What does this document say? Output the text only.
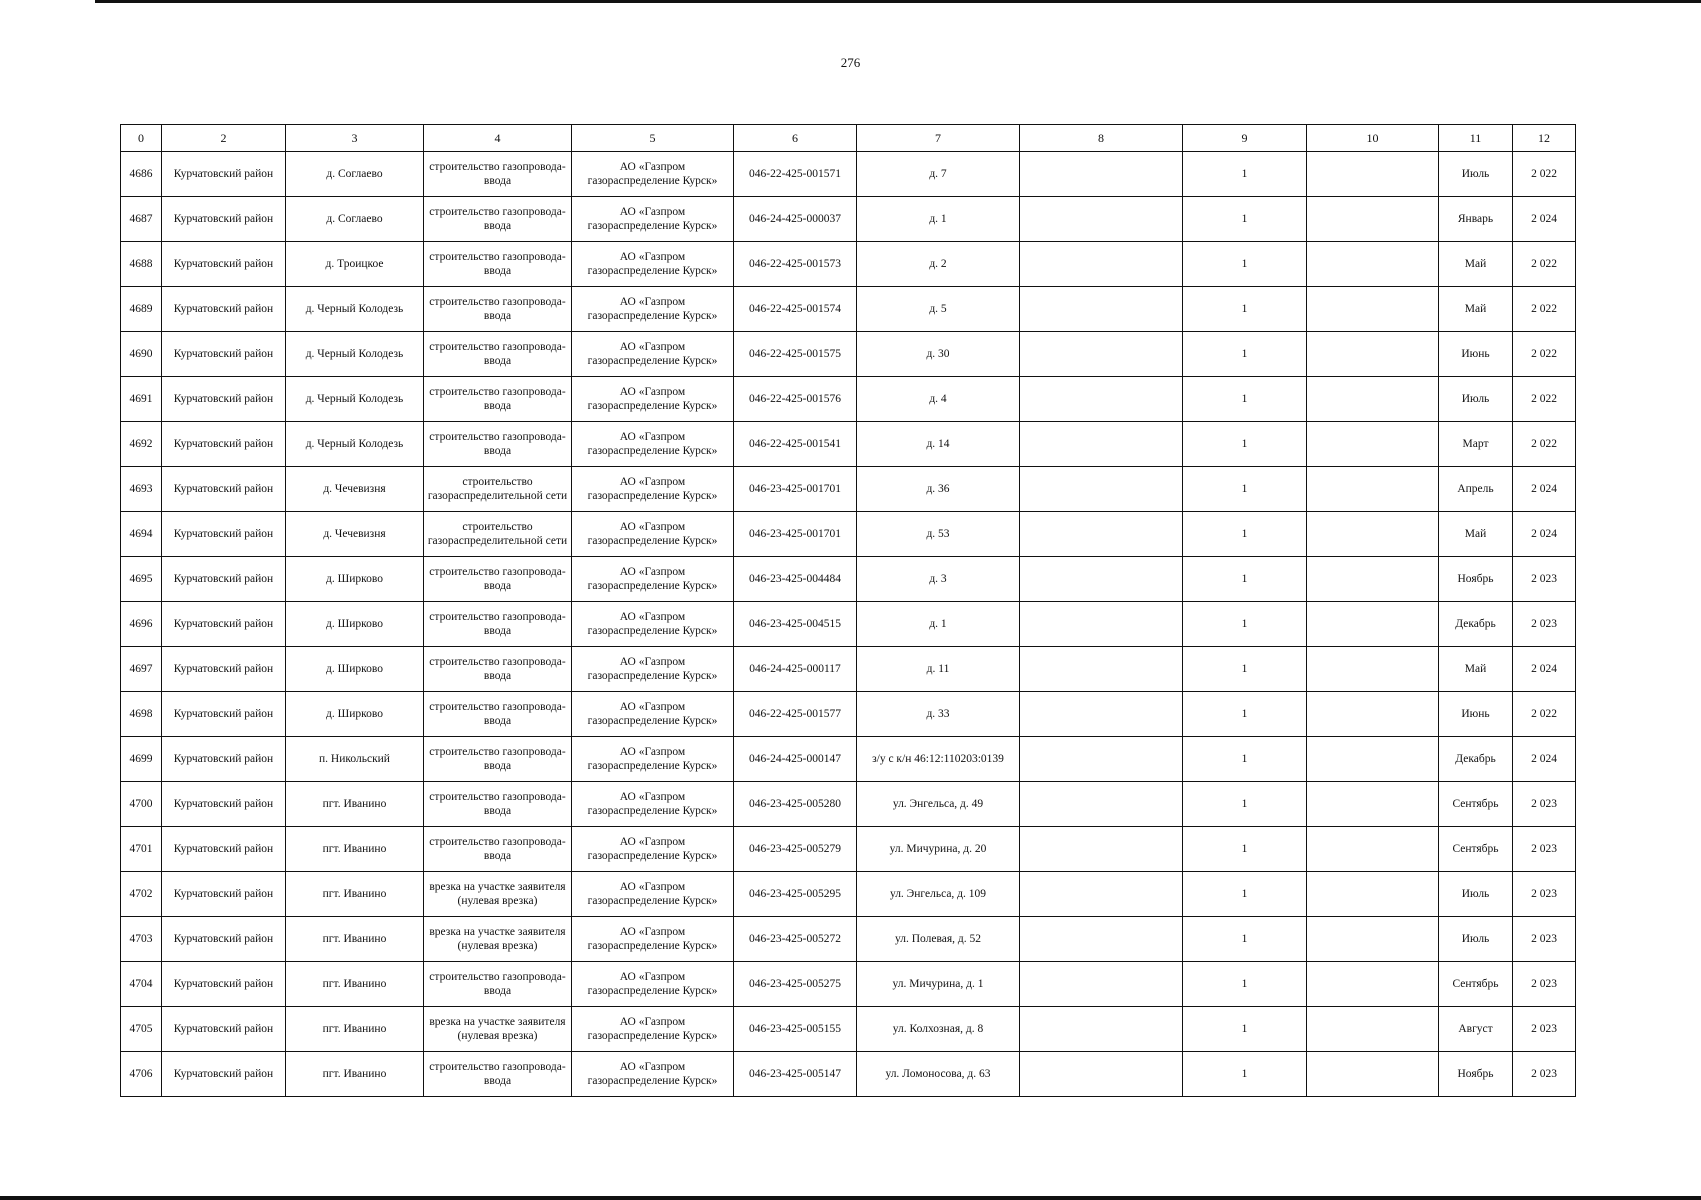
276
0	2	3	4	5	6	7	8	9	10	11	12
4686	Курчатовский район	д. Соглаево	строительство газопровода-ввода	АО «Газпром газораспределение Курск»	046-22-425-001571	д. 7		1		Июль	2 022
4687	Курчатовский район	д. Соглаево	строительство газопровода-ввода	АО «Газпром газораспределение Курск»	046-24-425-000037	д. 1		1		Январь	2 024
4688	Курчатовский район	д. Троицкое	строительство газопровода-ввода	АО «Газпром газораспределение Курск»	046-22-425-001573	д. 2		1		Май	2 022
4689	Курчатовский район	д. Черный Колодезь	строительство газопровода-ввода	АО «Газпром газораспределение Курск»	046-22-425-001574	д. 5		1		Май	2 022
4690	Курчатовский район	д. Черный Колодезь	строительство газопровода-ввода	АО «Газпром газораспределение Курск»	046-22-425-001575	д. 30		1		Июнь	2 022
4691	Курчатовский район	д. Черный Колодезь	строительство газопровода-ввода	АО «Газпром газораспределение Курск»	046-22-425-001576	д. 4		1		Июль	2 022
4692	Курчатовский район	д. Черный Колодезь	строительство газопровода-ввода	АО «Газпром газораспределение Курск»	046-22-425-001541	д. 14		1		Март	2 022
4693	Курчатовский район	д. Чечевизня	строительство газораспределительной сети	АО «Газпром газораспределение Курск»	046-23-425-001701	д. 36		1		Апрель	2 024
4694	Курчатовский район	д. Чечевизня	строительство газораспределительной сети	АО «Газпром газораспределение Курск»	046-23-425-001701	д. 53		1		Май	2 024
4695	Курчатовский район	д. Ширково	строительство газопровода-ввода	АО «Газпром газораспределение Курск»	046-23-425-004484	д. 3		1		Ноябрь	2 023
4696	Курчатовский район	д. Ширково	строительство газопровода-ввода	АО «Газпром газораспределение Курск»	046-23-425-004515	д. 1		1		Декабрь	2 023
4697	Курчатовский район	д. Ширково	строительство газопровода-ввода	АО «Газпром газораспределение Курск»	046-24-425-000117	д. 11		1		Май	2 024
4698	Курчатовский район	д. Ширково	строительство газопровода-ввода	АО «Газпром газораспределение Курск»	046-22-425-001577	д. 33		1		Июнь	2 022
4699	Курчатовский район	п. Никольский	строительство газопровода-ввода	АО «Газпром газораспределение Курск»	046-24-425-000147	з/у с к/н 46:12:110203:0139		1		Декабрь	2 024
4700	Курчатовский район	пгт. Иванино	строительство газопровода-ввода	АО «Газпром газораспределение Курск»	046-23-425-005280	ул. Энгельса, д. 49		1		Сентябрь	2 023
4701	Курчатовский район	пгт. Иванино	строительство газопровода-ввода	АО «Газпром газораспределение Курск»	046-23-425-005279	ул. Мичурина, д. 20		1		Сентябрь	2 023
4702	Курчатовский район	пгт. Иванино	врезка на участке заявителя (нулевая врезка)	АО «Газпром газораспределение Курск»	046-23-425-005295	ул. Энгельса, д. 109		1		Июль	2 023
4703	Курчатовский район	пгт. Иванино	врезка на участке заявителя (нулевая врезка)	АО «Газпром газораспределение Курск»	046-23-425-005272	ул. Полевая, д. 52		1		Июль	2 023
4704	Курчатовский район	пгт. Иванино	строительство газопровода-ввода	АО «Газпром газораспределение Курск»	046-23-425-005275	ул. Мичурина, д. 1		1		Сентябрь	2 023
4705	Курчатовский район	пгт. Иванино	врезка на участке заявителя (нулевая врезка)	АО «Газпром газораспределение Курск»	046-23-425-005155	ул. Колхозная, д. 8		1		Август	2 023
4706	Курчатовский район	пгт. Иванино	строительство газопровода-ввода	АО «Газпром газораспределение Курск»	046-23-425-005147	ул. Ломоносова, д. 63		1		Ноябрь	2 023
